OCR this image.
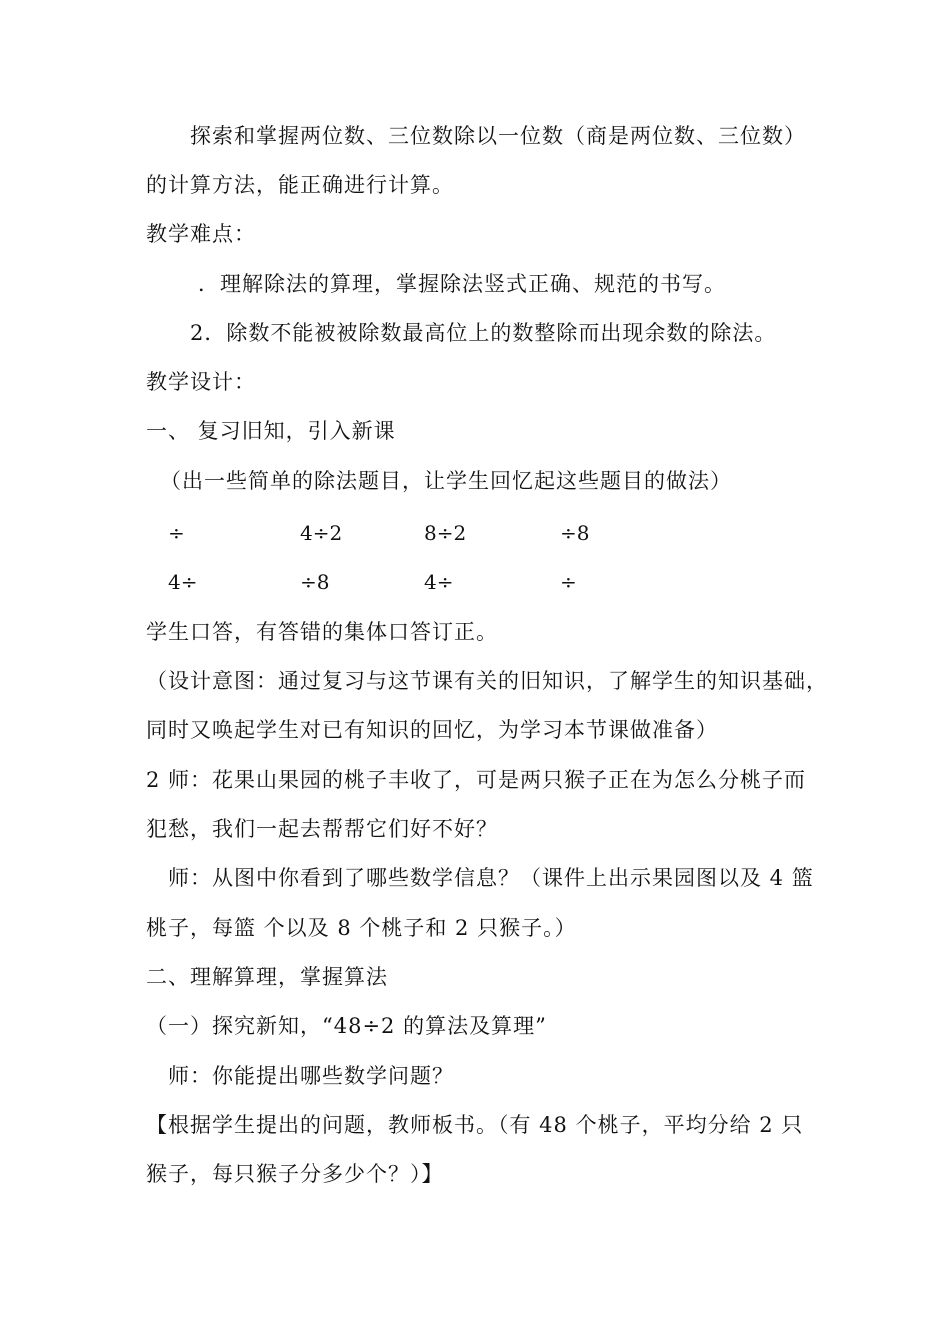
探索和掌握两位数、三位数除以一位数（商是两位数、三位数）
的计算方法，能正确进行计算。
教学难点：
．理解除法的算理，掌握除法竖式正确、规范的书写。
2．除数不能被被除数最高位上的数整除而出现余数的除法。
教学设计：
一、 复习旧知，引入新课
（出一些简单的除法题目，让学生回忆起这些题目的做法）
÷	4÷2	8÷2	÷8
4÷	÷8	4÷	÷
学生口答，有答错的集体口答订正。
（设计意图：通过复习与这节课有关的旧知识，了解学生的知识基础，
同时又唤起学生对已有知识的回忆，为学习本节课做准备）
2 师：花果山果园的桃子丰收了，可是两只猴子正在为怎么分桃子而
犯愁，我们一起去帮帮它们好不好？
师：从图中你看到了哪些数学信息？（课件上出示果园图以及 4 篮
桃子，每篮 个以及 8 个桃子和 2 只猴子。）
二、理解算理，掌握算法
（一）探究新知，“48÷2 的算法及算理”
师：你能提出哪些数学问题？
【根据学生提出的问题，教师板书。（有 48 个桃子，平均分给 2 只
猴子，每只猴子分多少个？）】
